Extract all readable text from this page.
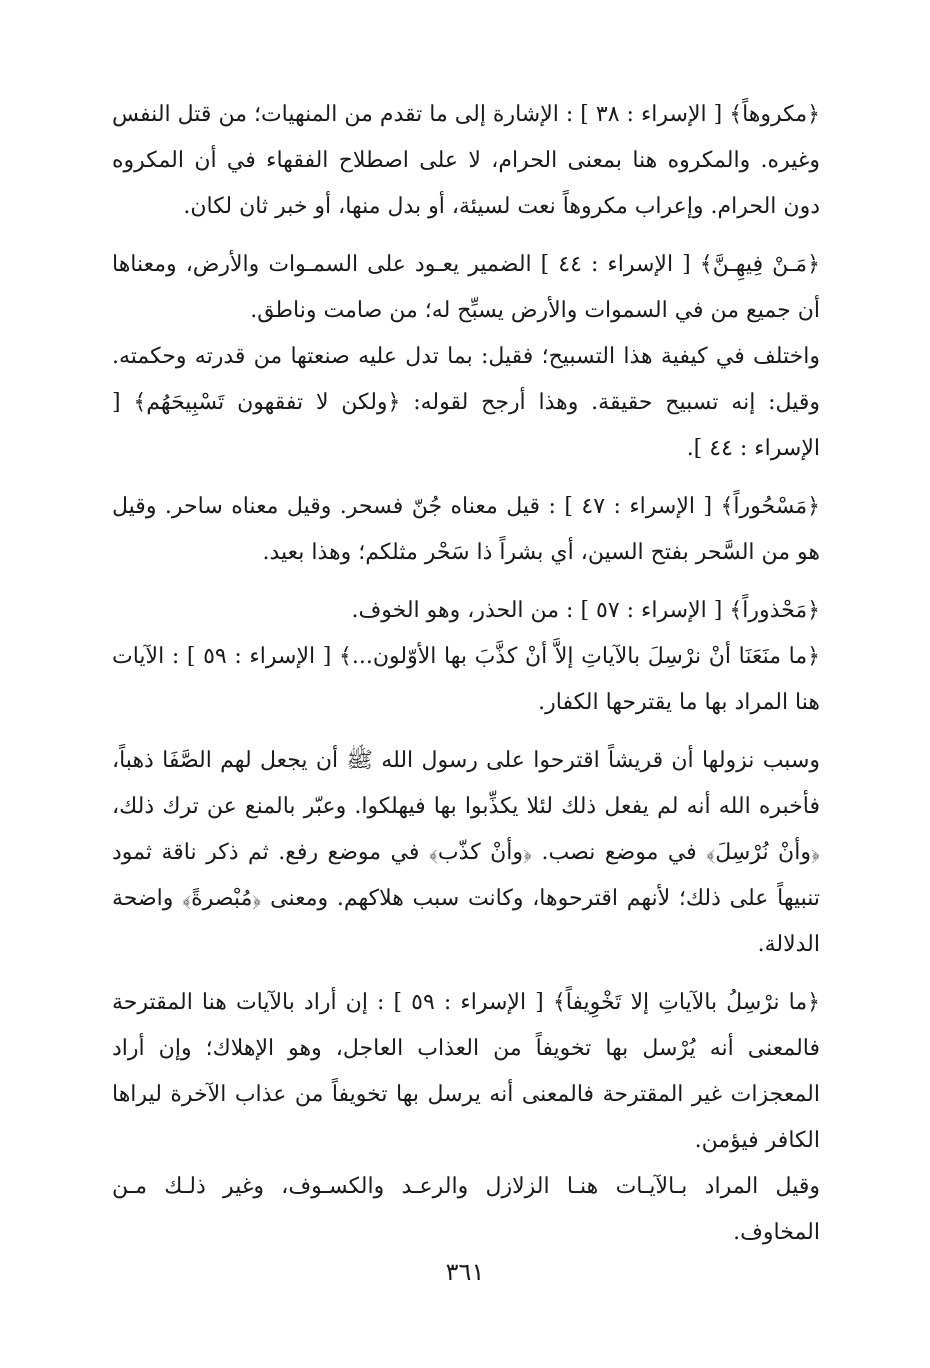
﴿مكروهاً﴾ [ الإسراء : ٣٨ ] : الإشارة إلى ما تقدم من المنهيات؛ من قتل النفس وغيره. والمكروه هنا بمعنى الحرام، لا على اصطلاح الفقهاء في أن المكروه دون الحرام. وإعراب مكروهاً نعت لسيئة، أو بدل منها، أو خبر ثان لكان.

﴿مَـنْ فِيهِـنَّ﴾ [ الإسراء : ٤٤ ] الضمير يعـود على السمـوات والأرض، ومعناها أن جميع من في السموات والأرض يسبِّح له؛ من صامت وناطق.

واختلف في كيفية هذا التسبيح؛ فقيل: بما تدل عليه صنعتها من قدرته وحكمته. وقيل: إنه تسبيح حقيقة. وهذا أرجح لقوله: ﴿ولكن لا تفقهون تَسْبِيحَهُم﴾ [ الإسراء : ٤٤ ].

﴿مَسْحُوراً﴾ [ الإسراء : ٤٧ ] : قيل معناه جُنّ فسحر. وقيل معناه ساحر. وقيل هو من السَّحر بفتح السين، أي بشراً ذا سَحْر مثلكم؛ وهذا بعيد.

﴿مَحْذوراً﴾ [ الإسراء : ٥٧ ] : من الحذر، وهو الخوف.

﴿ما منَعَنَا أنْ نرْسِلَ بالآياتِ إلاَّ أنْ كذَّبَ بها الأوّلون...﴾ [ الإسراء : ٥٩ ] : الآيات هنا المراد بها ما يقترحها الكفار.

وسبب نزولها أن قريشاً اقترحوا على رسول الله ﷺ أن يجعل لهم الصَّفَا ذهباً، فأخبره الله أنه لم يفعل ذلك لئلا يكذِّبوا بها فيهلكوا. وعبّر بالمنع عن ترك ذلك، ﴿وأنْ نُرْسِلَ﴾ في موضع نصب. ﴿وأنْ كذّب﴾ في موضع رفع. ثم ذكر ناقة ثمود تنبيهاً على ذلك؛ لأنهم اقترحوها، وكانت سبب هلاكهم. ومعنى ﴿مُبْصرةً﴾ واضحة الدلالة.

﴿ما نرْسِلُ بالآياتِ إلا تَخْوِيفاً﴾ [ الإسراء : ٥٩ ] : إن أراد بالآيات هنا المقترحة فالمعنى أنه يُرْسل بها تخويفاً من العذاب العاجل، وهو الإهلاك؛ وإن أراد المعجزات غير المقترحة فالمعنى أنه يرسل بها تخويفاً من عذاب الآخرة ليراها الكافر فيؤمن.

وقيل المراد بـالآيـات هنـا الزلازل والرعـد والكسـوف، وغير ذلـك مـن المخاوف.

٣٦١
